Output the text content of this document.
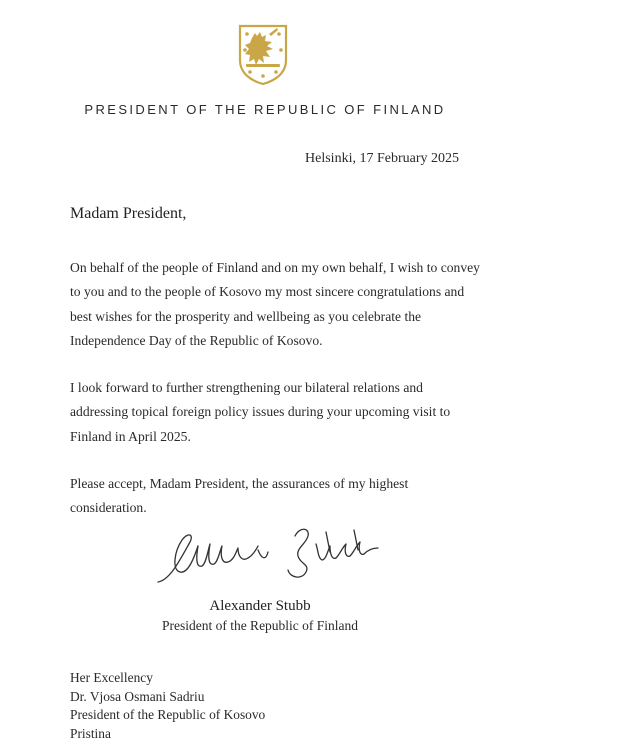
PRESIDENT OF THE REPUBLIC OF FINLAND
Helsinki, 17 February 2025
Madam President,

On behalf of the people of Finland and on my own behalf, I wish to convey to you and to the people of Kosovo my most sincere congratulations and best wishes for the prosperity and wellbeing as you celebrate the Independence Day of the Republic of Kosovo.

I look forward to further strengthening our bilateral relations and addressing topical foreign policy issues during your upcoming visit to Finland in April 2025.

Please accept, Madam President, the assurances of my highest consideration.

Alexander Stubb
President of the Republic of Finland
Her Excellency
Dr. Vjosa Osmani Sadriu
President of the Republic of Kosovo
Pristina
